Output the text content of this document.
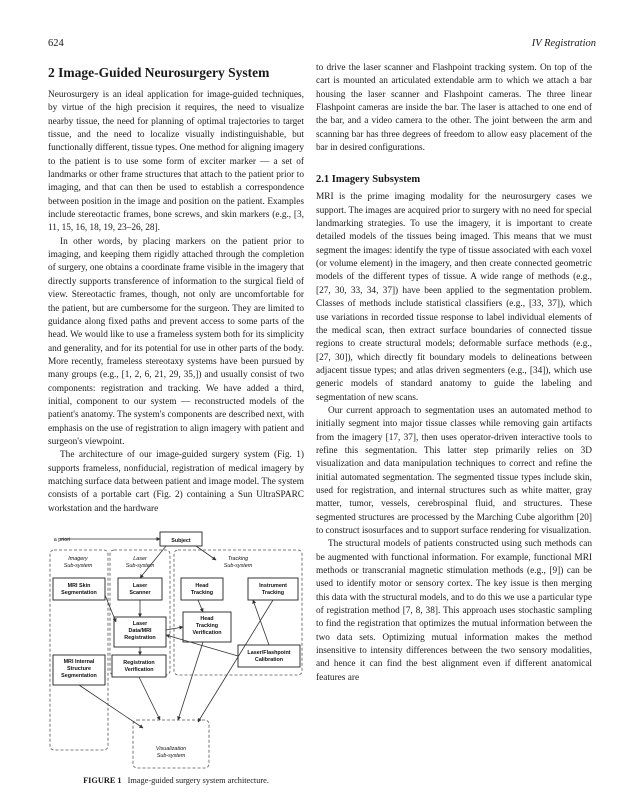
624	IV Registration
2 Image-Guided Neurosurgery System

Neurosurgery is an ideal application for image-guided techniques, by virtue of the high precision it requires, the need to visualize nearby tissue, the need for planning of optimal trajectories to target tissue, and the need to localize visually indistinguishable, but functionally different, tissue types. One method for aligning imagery to the patient is to use some form of exciter marker — a set of landmarks or other frame structures that attach to the patient prior to imaging, and that can then be used to establish a correspondence between position in the image and position on the patient. Examples include stereotactic frames, bone screws, and skin markers (e.g., [3, 11, 15, 16, 18, 19, 23–26, 28].

In other words, by placing markers on the patient prior to imaging, and keeping them rigidly attached through the completion of surgery, one obtains a coordinate frame visible in the imagery that directly supports transference of information to the surgical field of view. Stereotactic frames, though, not only are uncomfortable for the patient, but are cumbersome for the surgeon. They are limited to guidance along fixed paths and prevent access to some parts of the head. We would like to use a frameless system both for its simplicity and generality, and for its potential for use in other parts of the body. More recently, frameless stereotaxy systems have been pursued by many groups (e.g., [1, 2, 6, 21, 29, 35,]) and usually consist of two components: registration and tracking. We have added a third, initial, component to our system — reconstructed models of the patient's anatomy. The system's components are described next, with emphasis on the use of registration to align imagery with patient and surgeon's viewpoint.

The architecture of our image-guided surgery system (Fig. 1) supports frameless, nonfiducial, registration of medical imagery by matching surface data between patient and image model. The system consists of a portable cart (Fig. 2) containing a Sun UltraSPARC workstation and the hardware

to drive the laser scanner and Flashpoint tracking system. On top of the cart is mounted an articulated extendable arm to which we attach a bar housing the laser scanner and Flashpoint cameras. The three linear Flashpoint cameras are inside the bar. The laser is attached to one end of the bar, and a video camera to the other. The joint between the arm and scanning bar has three degrees of freedom to allow easy placement of the bar in desired configurations.

2.1 Imagery Subsystem

MRI is the prime imaging modality for the neurosurgery cases we support. The images are acquired prior to surgery with no need for special landmarking strategies. To use the imagery, it is important to create detailed models of the tissues being imaged. This means that we must segment the images: identify the type of tissue associated with each voxel (or volume element) in the imagery, and then create connected geometric models of the different types of tissue. A wide range of methods (e.g., [27, 30, 33, 34, 37]) have been applied to the segmentation problem. Classes of methods include statistical classifiers (e.g., [33, 37]), which use variations in recorded tissue response to label individual elements of the medical scan, then extract surface boundaries of connected tissue regions to create structural models; deformable surface methods (e.g., [27, 30]), which directly fit boundary models to delineations between adjacent tissue types; and atlas driven segmenters (e.g., [34]), which use generic models of standard anatomy to guide the labeling and segmentation of new scans.

Our current approach to segmentation uses an automated method to initially segment into major tissue classes while removing gain artifacts from the imagery [17, 37], then uses operator-driven interactive tools to refine this segmentation. This latter step primarily relies on 3D visualization and data manipulation techniques to correct and refine the initial automated segmentation. The segmented tissue types include skin, used for registration, and internal structures such as white matter, gray matter, tumor, vessels, cerebrospinal fluid, and structures. These segmented structures are processed by the Marching Cube algorithm [20] to construct isosurfaces and to support surface rendering for visualization.

The structural models of patients constructed using such methods can be augmented with functional information. For example, functional MRI methods or transcranial magnetic stimulation methods (e.g., [9]) can be used to identify motor or sensory cortex. The key issue is then merging this data with the structural models, and to do this we use a particular type of registration method [7, 8, 38]. This approach uses stochastic sampling to find the registration that optimizes the mutual information between the two data sets. Optimizing mutual information makes the method insensitive to intensity differences between the two sensory modalities, and hence it can find the best alignment even if different anatomical features are

a priori	Subject
Imagery
Sub-system
Laser
Sub-system
Tracking
Sub-system
Visualization
Sub-system
MRI Skin
Segmentation
MRI Internal
Structure
Segmentation
Laser
Scanner
Laser
Data/MRI
Registration
Registration
Verification
Head
Tracking
Instrument
Tracking
Head
Tracking
Verification
Laser/Flashpoint
Calibration
FIGURE 1 Image-guided surgery system architecture.
